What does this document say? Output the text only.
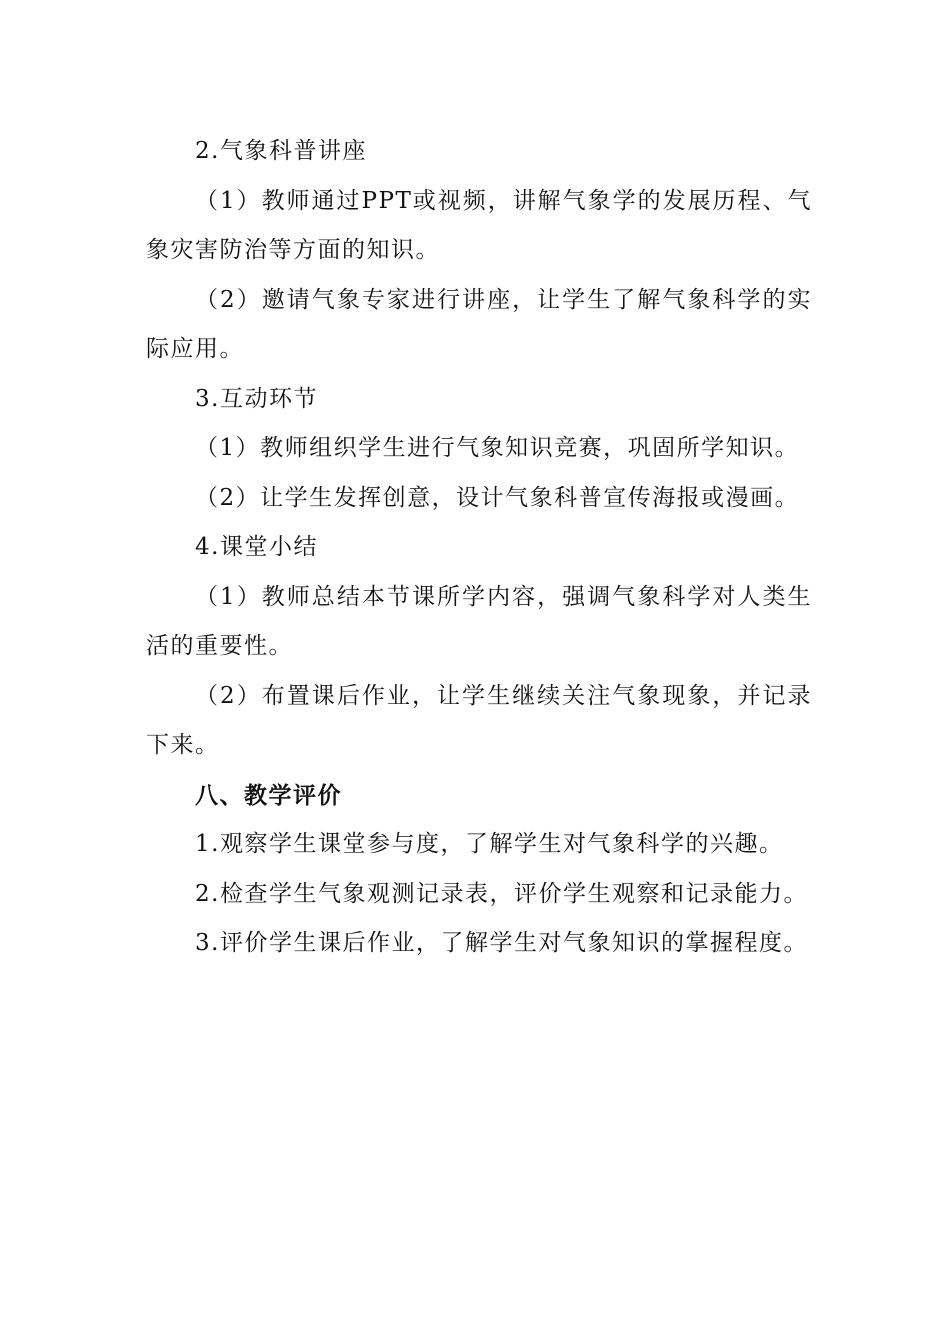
2.气象科普讲座

（1）教师通过PPT或视频，讲解气象学的发展历程、气象灾害防治等方面的知识。

（2）邀请气象专家进行讲座，让学生了解气象科学的实际应用。

3.互动环节

（1）教师组织学生进行气象知识竞赛，巩固所学知识。

（2）让学生发挥创意，设计气象科普宣传海报或漫画。

4.课堂小结

（1）教师总结本节课所学内容，强调气象科学对人类生活的重要性。

（2）布置课后作业，让学生继续关注气象现象，并记录下来。

八、教学评价

1.观察学生课堂参与度，了解学生对气象科学的兴趣。

2.检查学生气象观测记录表，评价学生观察和记录能力。

3.评价学生课后作业，了解学生对气象知识的掌握程度。
